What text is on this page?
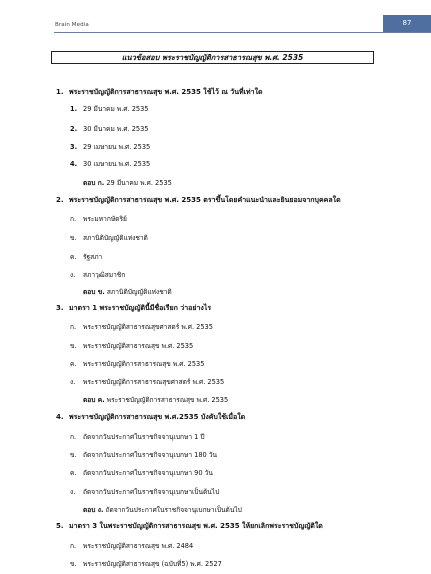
Brain Media	87
แนวข้อสอบ พระราชบัญญัติการสาธารณสุข พ.ศ. 2535
1. พระราชบัญญัติการสาธารณสุข พ.ศ. 2535 ใช้ไว้ ณ วันที่เท่าใด
1. 29 มีนาคม พ.ศ. 2535
2. 30 มีนาคม พ.ศ. 2535
3. 29 เมษายน พ.ศ. 2535
4. 30 เมษายน พ.ศ. 2535
ตอบ ก. 29 มีนาคม พ.ศ. 2535
2. พระราชบัญญัติการสาธารณสุข พ.ศ. 2535 ตราขึ้นโดยคำแนะนำและยินยอมจากบุคคลใด
ก. พระมหากษัตริย์
ข. สภานิติบัญญัติแห่งชาติ
ค. รัฐสภา
ง. สภาวุฒิสมาชิก
ตอบ ข. สภานิติบัญญัติแห่งชาติ
3. มาตรา 1 พระราชบัญญัตินี้มีชื่อเรียก ว่าอย่างไร
ก. พระราชบัญญัติสาธารณสุขศาสตร์ พ.ศ. 2535
ข. พระราชบัญญัติสาธารณสุข พ.ศ. 2535
ค. พระราชบัญญัติการสาธารณสุข พ.ศ. 2535
ง. พระราชบัญญัติการสาธารณสุขศาสตร์ พ.ศ. 2535
ตอบ ค. พระราชบัญญัติการสาธารณสุข พ.ศ. 2535
4. พระราชบัญญัติการสาธารณสุข พ.ศ.2535 บังคับใช้เมื่อใด
ก. ถัดจากวันประกาศในราชกิจจานุเบกษา 1 ปี
ข. ถัดจากวันประกาศในราชกิจจานุเบกษา 180 วัน
ค. ถัดจากวันประกาศในราชกิจจานุเบกษา 90 วัน
ง. ถัดจากวันประกาศในราชกิจจานุเบกษาเป็นต้นไป
ตอบ ง. ถัดจากวันประกาศในราชกิจจานุเบกษาเป็นต้นไป
5. มาตรา 3 ในพระราชบัญญัติการสาธารณสุข พ.ศ. 2535 ให้ยกเลิกพระราชบัญญัติใด
ก. พระราชบัญญัติสาธารณสุข พ.ศ. 2484
ข. พระราชบัญญัติสาธารณสุข (ฉบับที่5) พ.ศ. 2527
